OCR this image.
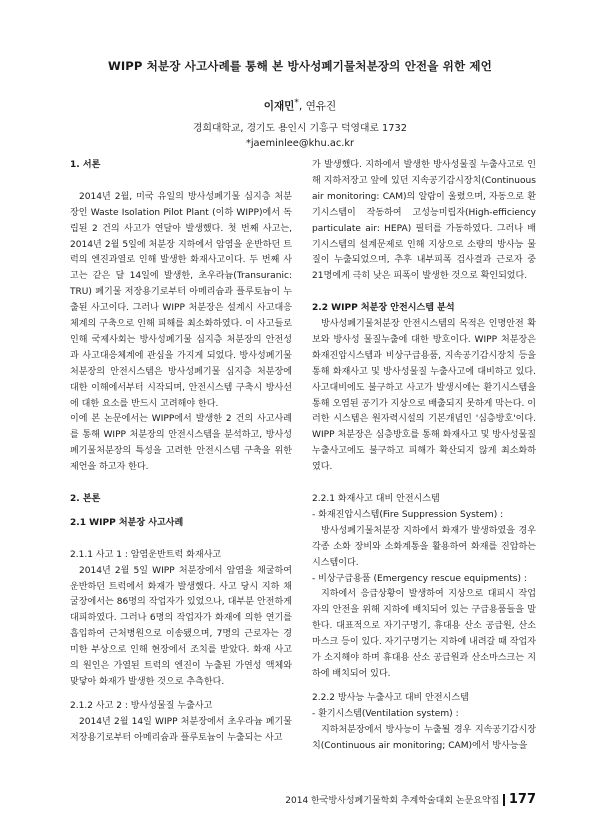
WIPP 처분장 사고사례를 통해 본 방사성폐기물처분장의 안전을 위한 제언
이재민*, 연유진
경희대학교, 경기도 용인시 기흥구 덕영대로 1732
*jaeminlee@khu.ac.kr

1. 서론

2014년 2월, 미국 유일의 방사성폐기물 심지층 처분장인 Waste Isolation Pilot Plant (이하 WIPP)에서 독립된 2 건의 사고가 연달아 발생했다. 첫 번째 사고는, 2014년 2월 5일에 처분장 지하에서 암염을 운반하던 트럭의 엔진과열로 인해 발생한 화재사고이다. 두 번째 사고는 같은 달 14일에 발생한, 초우라늄(Transuranic: TRU) 폐기물 저장용기로부터 아메리슘과 플루토늄이 누출된 사고이다. 그러나 WIPP 처분장은 설계시 사고대응체계의 구축으로 인해 피해를 최소화하였다. 이 사고들로 인해 국제사회는 방사성폐기물 심지층 처분장의 안전성과 사고대응체계에 관심을 가지게 되었다. 방사성폐기물처분장의 안전시스템은 방사성폐기물 심지층 처분장에 대한 이해에서부터 시작되며, 안전시스템 구축시 방사선에 대한 요소를 반드시 고려해야 한다.

이에 본 논문에서는 WIPP에서 발생한 2 건의 사고사례를 통해 WIPP 처분장의 안전시스템을 분석하고, 방사성폐기물처분장의 특성을 고려한 안전시스템 구축을 위한 제언을 하고자 한다.

2. 본론

2.1 WIPP 처분장 사고사례

2.1.1 사고 1 : 암염운반트럭 화재사고

2014년 2월 5일 WIPP 처분장에서 암염을 채굴하여 운반하던 트럭에서 화재가 발생했다. 사고 당시 지하 채굴장에서는 86명의 작업자가 있었으나, 대부분 안전하게 대피하였다. 그러나 6명의 작업자가 화재에 의한 연기를 흡입하여 근처병원으로 이송됐으며, 7명의 근로자는 경미한 부상으로 인해 현장에서 조치를 받았다. 화재 사고의 원인은 가열된 트럭의 엔진이 누출된 가연성 액체와 맞닿아 화재가 발생한 것으로 추측한다.

2.1.2 사고 2 : 방사성물질 누출사고

2014년 2월 14일 WIPP 처분장에서 초우라늄 폐기물 저장용기로부터 아메리슘과 플루토늄이 누출되는 사고

가 발생했다. 지하에서 발생한 방사성물질 누출사고로 인해 지하저장고 앞에 있던 지속공기감시장치(Continuous air monitoring: CAM)의 알람이 울렸으며, 자동으로 환기시스템이 작동하여 고성능미립자(High-efficiency particulate air: HEPA) 필터를 가동하였다. 그러나 배기시스템의 설계문제로 인해 지상으로 소량의 방사능 물질이 누출되었으며, 추후 내부피폭 검사결과 근로자 중 21명에게 극히 낮은 피폭이 발생한 것으로 확인되었다.

2.2 WIPP 처분장 안전시스템 분석

방사성폐기물처분장 안전시스템의 목적은 인명안전 확보와 방사성 물질누출에 대한 방호이다. WIPP 처분장은 화재진압시스템과 비상구급용품, 지속공기감시장치 등을 통해 화재사고 및 방사성물질 누출사고에 대비하고 있다. 사고대비에도 불구하고 사고가 발생시에는 환기시스템을 통해 오염된 공기가 지상으로 배출되지 못하게 막는다. 이러한 시스템은 원자력시설의 기본개념인 '심층방호'이다. WIPP 처분장은 심층방호를 통해 화재사고 및 방사성물질 누출사고에도 불구하고 피해가 확산되지 않게 최소화하였다.

2.2.1 화재사고 대비 안전시스템

- 화재진압시스템(Fire Suppression System) :

방사성폐기물처분장 지하에서 화재가 발생하였을 경우 각종 소화 장비와 소화계통을 활용하여 화재를 진압하는 시스템이다.

- 비상구급용품 (Emergency rescue equipments) :

지하에서 응급상황이 발생하여 지상으로 대피시 작업자의 안전을 위해 지하에 배치되어 있는 구급용품들을 말한다. 대표적으로 자기구명기, 휴대용 산소 공급원, 산소마스크 등이 있다. 자기구명기는 지하에 내려갈 때 작업자가 소지해야 하며 휴대용 산소 공급원과 산소마스크는 지하에 배치되어 있다.

2.2.2 방사능 누출사고 대비 안전시스템

- 환기시스템(Ventilation system) :

지하처분장에서 방사능이 누출될 경우 지속공기감시장치(Continuous air monitoring; CAM)에서 방사능을

2014 한국방사성폐기물학회 추계학술대회 논문요약집 177
